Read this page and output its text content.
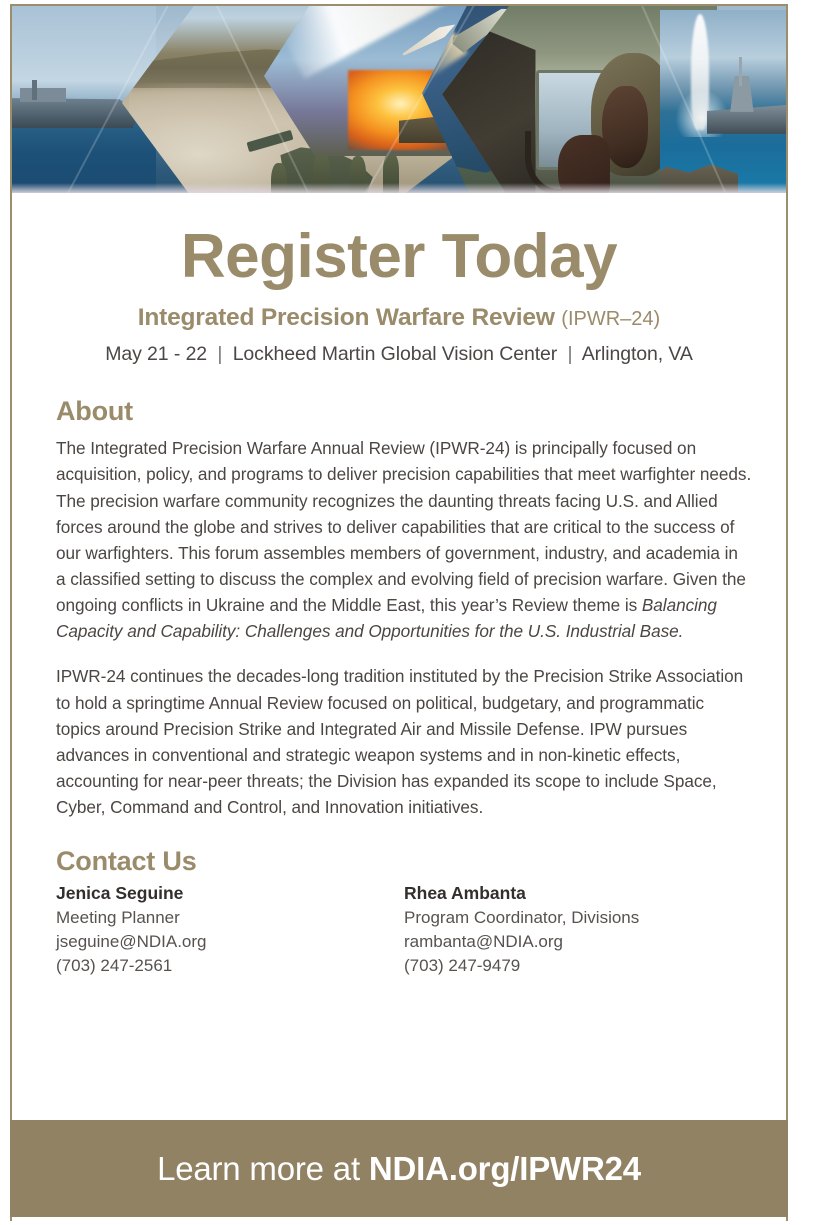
Register Today
Integrated Precision Warfare Review (IPWR–24)
May 21 - 22 | Lockheed Martin Global Vision Center | Arlington, VA
About

The Integrated Precision Warfare Annual Review (IPWR-24) is principally focused on acquisition, policy, and programs to deliver precision capabilities that meet warfighter needs. The precision warfare community recognizes the daunting threats facing U.S. and Allied forces around the globe and strives to deliver capabilities that are critical to the success of our warfighters. This forum assembles members of government, industry, and academia in a classified setting to discuss the complex and evolving field of precision warfare. Given the ongoing conflicts in Ukraine and the Middle East, this year’s Review theme is Balancing Capacity and Capability: Challenges and Opportunities for the U.S. Industrial Base.

IPWR-24 continues the decades-long tradition instituted by the Precision Strike Association to hold a springtime Annual Review focused on political, budgetary, and programmatic topics around Precision Strike and Integrated Air and Missile Defense. IPW pursues advances in conventional and strategic weapon systems and in non-kinetic effects, accounting for near-peer threats; the Division has expanded its scope to include Space, Cyber, Command and Control, and Innovation initiatives.

Contact Us
Jenica Seguine
Meeting Planner
jseguine@NDIA.org
(703) 247-2561
Rhea Ambanta
Program Coordinator, Divisions
rambanta@NDIA.org
(703) 247-9479
Learn more at NDIA.org/IPWR24
